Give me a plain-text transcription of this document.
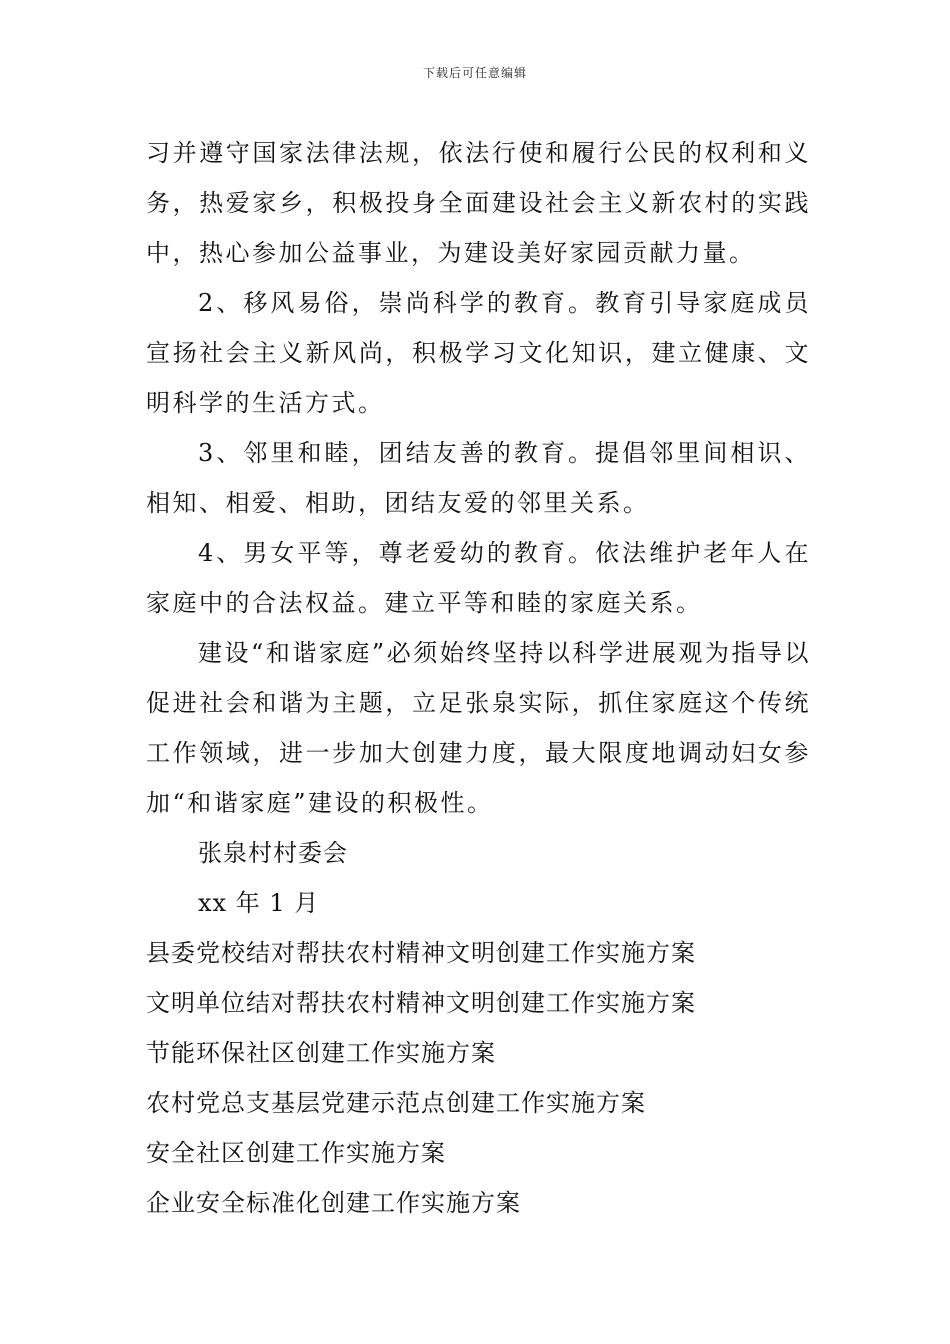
下载后可任意编辑

习并遵守国家法律法规，依法行使和履行公民的权利和义务，热爱家乡，积极投身全面建设社会主义新农村的实践中，热心参加公益事业，为建设美好家园贡献力量。

2、移风易俗，崇尚科学的教育。教育引导家庭成员宣扬社会主义新风尚，积极学习文化知识，建立健康、文明科学的生活方式。

3、邻里和睦，团结友善的教育。提倡邻里间相识、相知、相爱、相助，团结友爱的邻里关系。

4、男女平等，尊老爱幼的教育。依法维护老年人在家庭中的合法权益。建立平等和睦的家庭关系。

建设“和谐家庭”必须始终坚持以科学进展观为指导以促进社会和谐为主题，立足张泉实际，抓住家庭这个传统工作领域，进一步加大创建力度，最大限度地调动妇女参加“和谐家庭”建设的积极性。

张泉村村委会

xx 年 1 月

县委党校结对帮扶农村精神文明创建工作实施方案

文明单位结对帮扶农村精神文明创建工作实施方案

节能环保社区创建工作实施方案

农村党总支基层党建示范点创建工作实施方案

安全社区创建工作实施方案

企业安全标准化创建工作实施方案
